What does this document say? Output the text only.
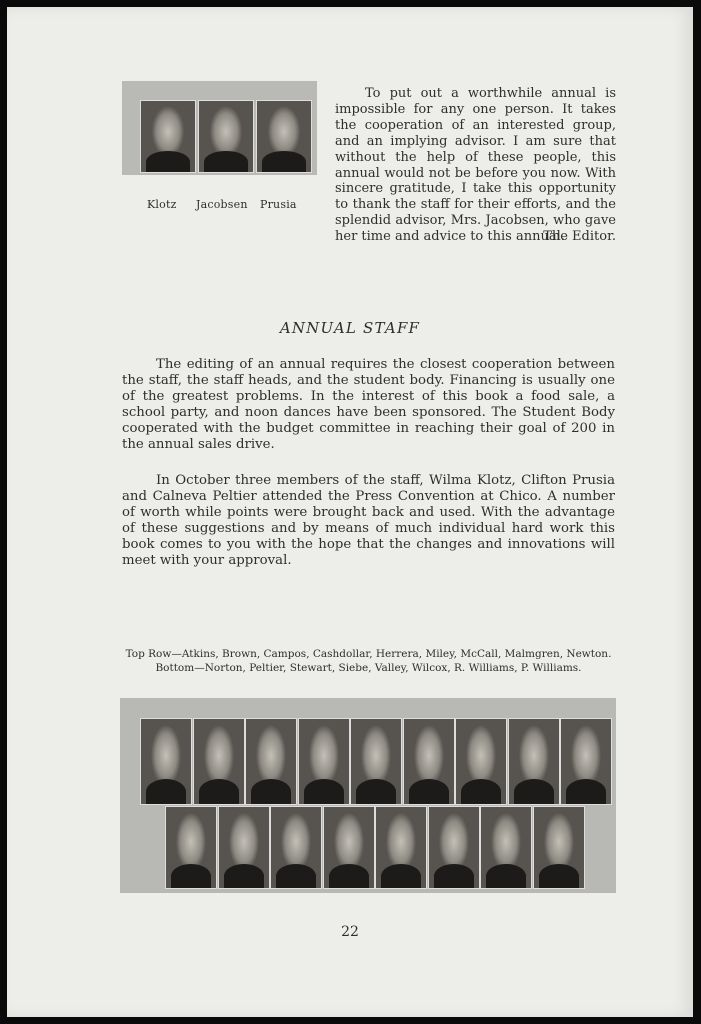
Klotz Jacobsen Prusia
To put out a worthwhile annual is impossible for any one person. It takes the cooperation of an interested group, and an implying advisor. I am sure that without the help of these people, this annual would not be before you now. With sincere gratitude, I take this opportunity to thank the staff for their efforts, and the splendid advisor, Mrs. Jacobsen, who gave her time and advice to this annual.
The Editor.
ANNUAL STAFF

The editing of an annual requires the closest cooperation between the staff, the staff heads, and the student body. Financing is usually one of the greatest problems. In the interest of this book a food sale, a school party, and noon dances have been sponsored. The Student Body cooperated with the budget committee in reaching their goal of 200 in the annual sales drive.

In October three members of the staff, Wilma Klotz, Clifton Prusia and Calneva Peltier attended the Press Convention at Chico. A number of worth while points were brought back and used. With the advantage of these suggestions and by means of much individual hard work this book comes to you with the hope that the changes and innovations will meet with your approval.

Top Row—Atkins, Brown, Campos, Cashdollar, Herrera, Miley, McCall, Malmgren, Newton. Bottom—Norton, Peltier, Stewart, Siebe, Valley, Wilcox, R. Williams, P. Williams.
22
